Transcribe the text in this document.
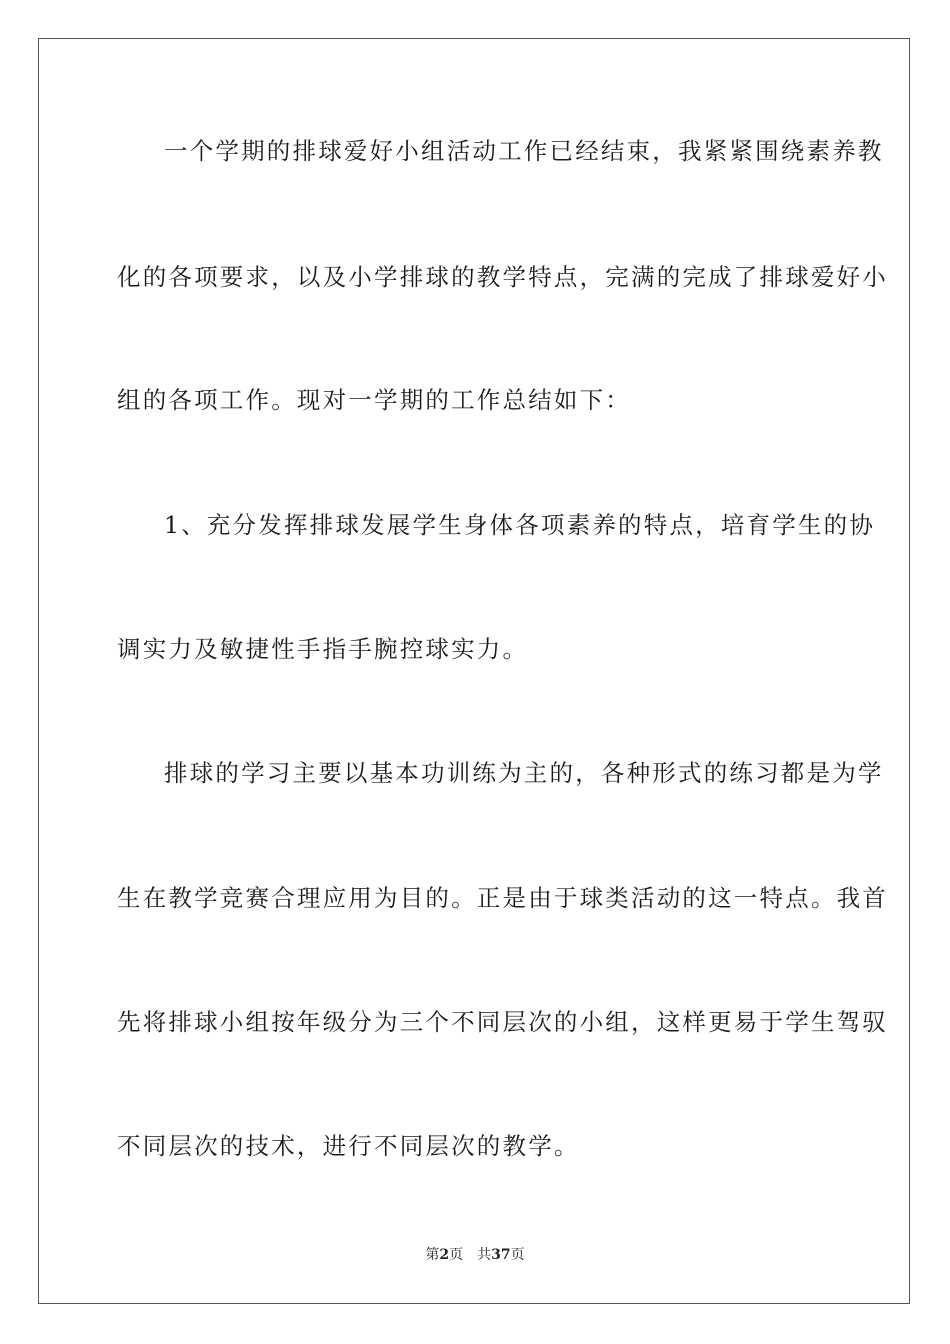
一个学期的排球爱好小组活动工作已经结束，我紧紧围绕素养教
化的各项要求，以及小学排球的教学特点，完满的完成了排球爱好小
组的各项工作。现对一学期的工作总结如下：
1、充分发挥排球发展学生身体各项素养的特点，培育学生的协
调实力及敏捷性手指手腕控球实力。
排球的学习主要以基本功训练为主的，各种形式的练习都是为学
生在教学竞赛合理应用为目的。正是由于球类活动的这一特点。我首
先将排球小组按年级分为三个不同层次的小组，这样更易于学生驾驭
不同层次的技术，进行不同层次的教学。
第2页 共37页
